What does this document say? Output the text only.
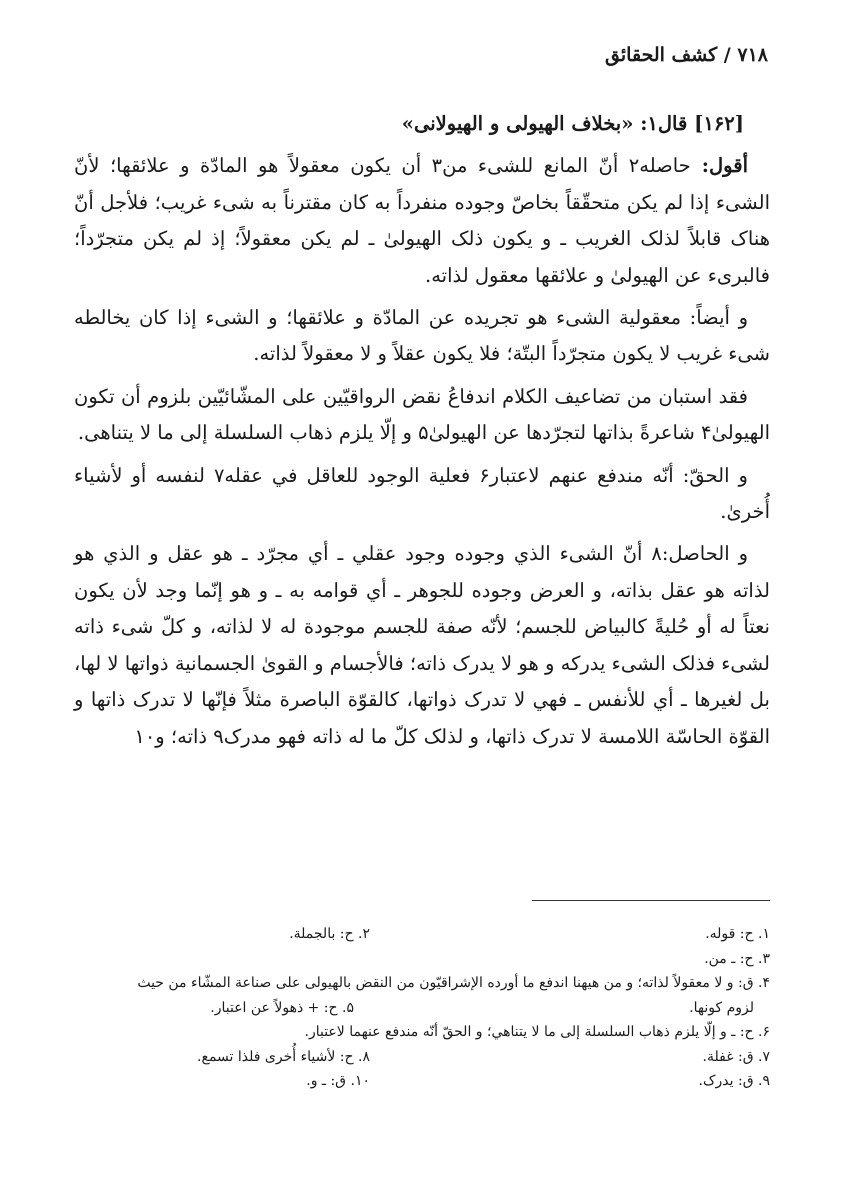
۷۱۸ / کشف الحقائق

[۱۶۲] قال۱: «بخلاف الهیولی و الهیولانی»

أقول: حاصله۲ أنّ المانع للشیء من۳ أن یکون معقولاً هو المادّة و علائقها؛ لأنّ الشیء إذا لم یکن متحقّقاً بخاصّ وجوده منفرداً به کان مقترناً به شیء غریب؛ فلأجل أنّ هناک قابلاً لذلک الغریب ـ و یکون ذلک الهیولیٰ ـ لم یکن معقولاً؛ إذ لم یکن متجرّداً؛ فالبریء عن الهیولیٰ و علائقها معقول لذاته.

و أیضاً: معقولیة الشیء هو تجریده عن المادّة و علائقها؛ و الشیء إذا کان یخالطه شیء غریب لا یکون متجرّداً البتّة؛ فلا یکون عقلاً و لا معقولاً لذاته.

فقد استبان من تضاعیف الکلام اندفاعُ نقض الرواقیّین علی المشّائیّین بلزوم أن تکون الهیولیٰ۴ شاعرةً بذاتها لتجرّدها عن الهیولیٰ۵ و إلّا یلزم ذهاب السلسلة إلی ما لا یتناهی.

و الحقّ: أنّه مندفع عنهم لاعتبار۶ فعلیة الوجود للعاقل في عقله۷ لنفسه أو لأشیاء أُخریٰ.

و الحاصل:۸ أنّ الشیء الذي وجوده وجود عقلي ـ أي مجرّد ـ هو عقل و الذي هو لذاته هو عقل بذاته، و العرض وجوده للجوهر ـ أي قوامه به ـ و هو إنّما وجد لأن یکون نعتاً له أو حُلیةً کالبیاض للجسم؛ لأنّه صفة للجسم موجودة له لا لذاته، و کلّ شیء ذاته لشیء فذلک الشیء یدرکه و هو لا یدرک ذاته؛ فالأجسام و القویٰ الجسمانیة ذواتها لا لها، بل لغیرها ـ أي للأنفس ـ فهي لا تدرک ذواتها، کالقوّة الباصرة مثلاً فإنّها لا تدرک ذاتها و القوّة الحاسّة اللامسة لا تدرک ذاتها، و لذلک کلّ ما له ذاته فهو مدرک۹ ذاته؛ و۱۰

۱. ح: قوله.
۲. ح: بالجملة.
۳. ح: ـ من.
۴. ق: و لا معقولاً لذاته؛ و من هیهنا اندفع ما أورده الإشراقیّون من النقض بالهیولی علی صناعة المشّاء من حیث
لزوم کونها.
۵. ح: + ذهولاً عن اعتبار.
۶. ح: ـ و إلّا یلزم ذهاب السلسلة إلی ما لا یتناهي؛ و الحقّ أنّه مندفع عنهما لاعتبار.
۷. ق: غفلة.
۸. ح: لأشیاء أُخری فلذا تسمع.
۹. ق: یدرک.
۱۰. ق: ـ و.
